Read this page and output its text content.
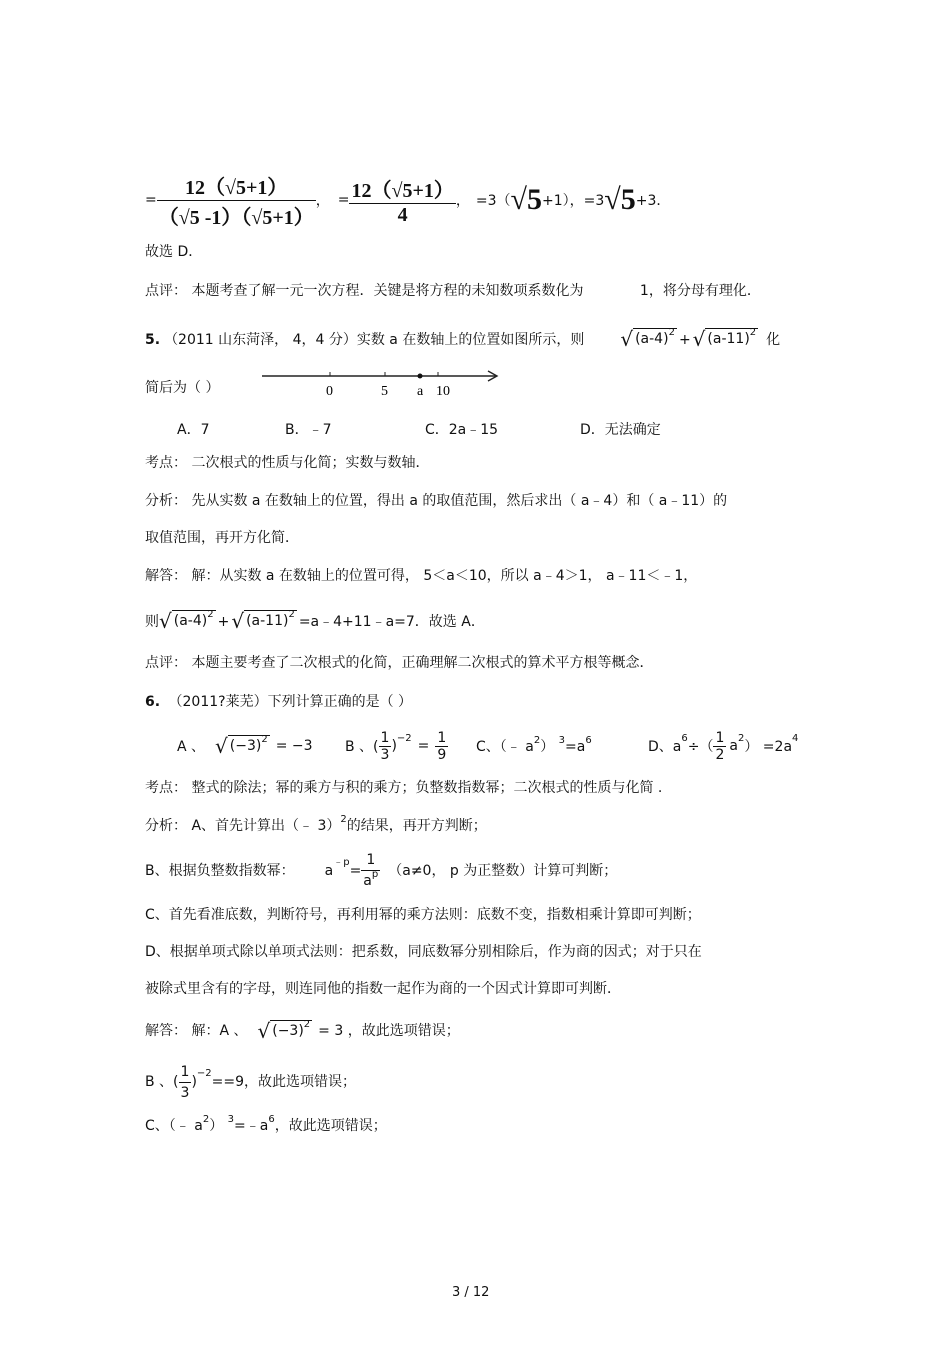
= $\frac{12(√5+1)}{(√5 -1)(√5+1)}$ ， = $\frac{12(√5+1)}{4}$ ， =3（ √5 +1），=3 √5 +3．
故选 D．
点评： 本题考查了解一元一次方程．关键是将方程的未知数项系数化为	1，将分母有理化．
5. （2011 山东菏泽， 4，4 分）实数 a 在数轴上的位置如图所示，则 √ $(a-4)^2$ + √ $(a-11)^2$ 化
简后为（ ）	0	5 a 10
A．7	B．﹣7	C．2a﹣15	D．无法确定
考点： 二次根式的性质与化简；实数与数轴．
分析： 先从实数 a 在数轴上的位置，得出 a 的取值范围，然后求出（ a﹣4）和（ a﹣11）的
取值范围，再开方化简．
解答： 解：从实数 a 在数轴上的位置可得， 5＜a＜10，所以 a﹣4＞1， a﹣11＜﹣1，
则 √ $(a-4)^2$ + √ $(a-11)^2$ =a﹣4+11﹣a=7．故选 A．
点评： 本题主要考查了二次根式的化简，正确理解二次根式的算术平方根等概念．
6. （2011?莱芜）下列计算正确的是（ ）
A 、 √ $(-3)^2 = -3$ B 、( $\frac{1}{3}$ ) $-2 = \frac{1}{9}$ C、（﹣ $a^2$） $^3=a^6$	D、a
6
÷（ $\frac{1}{2}$ a 2
） =2a
4
考点： 整式的除法；幂的乘方与积的乘方；负整数指数幂；二次根式的性质与化简 .
分析： A、首先计算出（﹣ 3）$^2$的结果，再开方判断；
B、根据负整数指数幂： a
﹣p
= $\frac{1}{a^p} (a\ne 0$， p 为正整数）计算可判断；
C、首先看准底数，判断符号，再利用幂的乘方法则：底数不变，指数相乘计算即可判断；
D、根据单项式除以单项式法则：把系数，同底数幂分别相除后，作为商的因式；对于只在
被除式里含有的字母，则连同他的指数一起作为商的一个因式计算即可判断．
解答： 解：A 、 √ $(-3)^2 = 3$ ，故此选项错误；
B 、( $\frac{1}{3}$ )
−2
==9，故此选项错误；
C、（﹣ $a^2$） $^3=﹣a^6$，故此选项错误；
3 / 12
